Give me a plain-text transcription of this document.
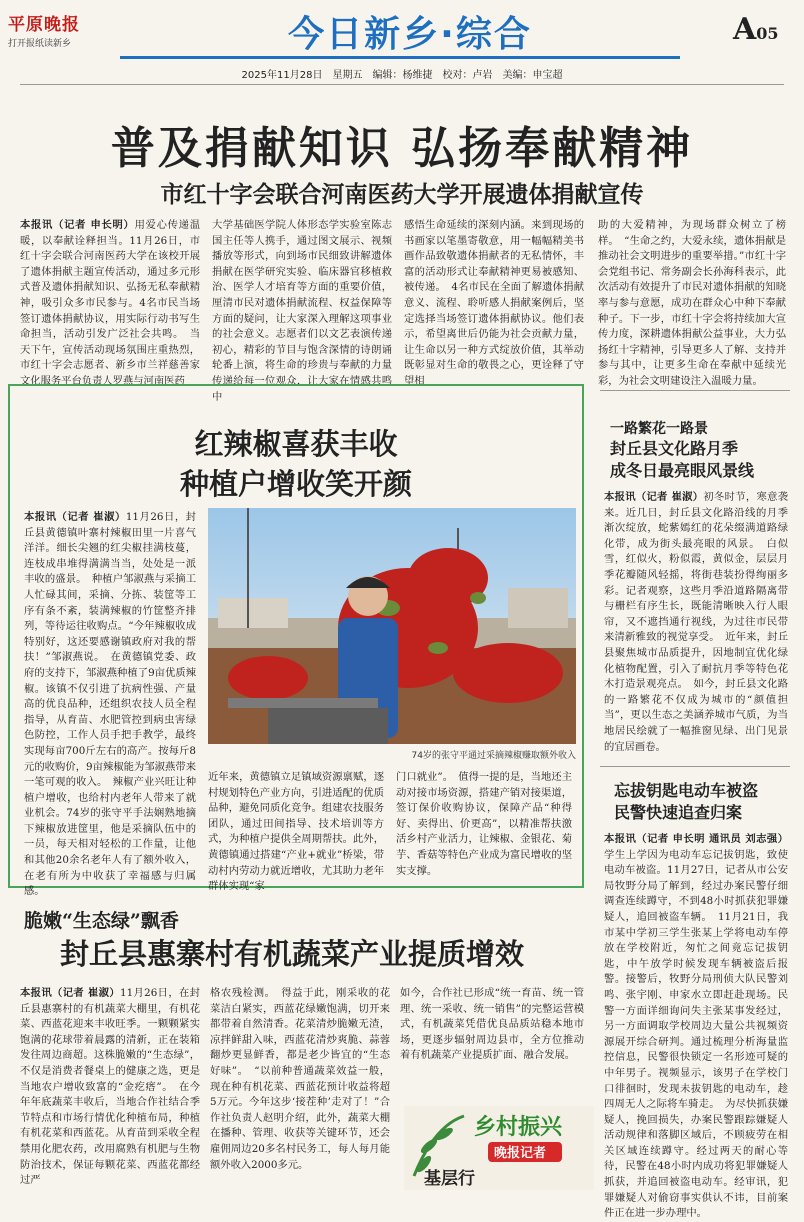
平原晚报
打开报纸读新乡	今日新乡·综合	A05
2025年11月28日　星期五　编辑：杨维捷　校对：卢岩　美编：申宝超
普及捐献知识 弘扬奉献精神
市红十字会联合河南医药大学开展遗体捐献宣传
本报讯（记者 申长明）用爱心传递温暖，以奉献诠释担当。11月26日，市红十字会联合河南医药大学在该校开展了遗体捐献主题宣传活动，通过多元形式普及遗体捐献知识、弘扬无私奉献精神，吸引众多市民参与。4名市民当场签订遗体捐献协议，用实际行动书写生命担当，活动引发广泛社会共鸣。　当天下午，宣传活动现场氛围庄重热烈，市红十字会志愿者、新乡市兰祥慈善家文化服务平台负责人罗燕与河南医药
大学基础医学院人体形态学实验室陈志国主任等人携手，通过图文展示、视频播放等形式，向到场市民细致讲解遗体捐献在医学研究实验、临床器官移植救治、医学人才培育等方面的重要价值，厘清市民对遗体捐献流程、权益保障等方面的疑问，让大家深入理解这项事业的社会意义。志愿者们以文艺表演传递初心，精彩的节目与饱含深情的诗朗诵轮番上演，将生命的珍贵与奉献的力量传递给每一位观众，让大家在情感共鸣中
感悟生命延续的深刻内涵。来到现场的书画家以笔墨寄敬意，用一幅幅精美书画作品致敬遗体捐献者的无私情怀，丰富的活动形式让奉献精神更易被感知、被传递。　4名市民在全面了解遗体捐献意义、流程、聆听感人捐献案例后，坚定选择当场签订遗体捐献协议。他们表示，希望离世后仍能为社会贡献力量，让生命以另一种方式绽放价值，其举动既彰显对生命的敬畏之心，更诠释了守望相
助的大爱精神，为现场群众树立了榜样。　“生命之约，大爱永续，遗体捐献是推动社会文明进步的重要举措。”市红十字会党组书记、常务副会长孙海科表示，此次活动有效提升了市民对遗体捐献的知晓率与参与意愿，成功在群众心中种下奉献种子。下一步，市红十字会将持续加大宣传力度，深耕遗体捐献公益事业，大力弘扬红十字精神，引导更多人了解、支持并参与其中，让更多生命在奉献中延续光彩，为社会文明建设注入温暖力量。
红辣椒喜获丰收
种植户增收笑开颜
本报讯（记者 崔淑）11月26日，封丘县黄德镇叶寨村辣椒田里一片喜气洋洋。细长尖翘的红尖椒挂满枝蔓，连枝成串堆得满满当当，处处是一派丰收的盛景。　种植户邹淑燕与采摘工人忙碌其间，采摘、分拣、装筐等工序有条不紊，装满辣椒的竹筐整齐排列，等待运往收购点。“今年辣椒收成特别好，这还要感谢镇政府对我的帮扶！”邹淑燕说。　在黄德镇党委、政府的支持下，邹淑燕种植了9亩优质辣椒。该镇不仅引进了抗病性强、产量高的优良品种，还组织农技人员全程指导，从育苗、水肥管控到病虫害绿色防控，工作人员手把手教学，最终实现每亩700斤左右的高产。按每斤8元的收购价，9亩辣椒能为邹淑燕带来一笔可观的收入。　辣椒产业兴旺让种植户增收，也给村内老年人带来了就业机会。74岁的张守平手法娴熟地摘下辣椒放进筐里，他是采摘队伍中的一员，每天相对轻松的工作量，让他和其他20余名老年人有了额外收入，在老有所为中收获了幸福感与归属感。
74岁的张守平通过采摘辣椒赚取额外收入
近年来，黄德镇立足镇域资源禀赋，逐村规划特色产业方向，引进适配的优质品种，避免同质化竞争。组建农技服务团队，通过田间指导、技术培训等方式，为种植户提供全周期帮扶。此外，黄德镇通过搭建“产业+就业”桥梁，带动村内劳动力就近增收，尤其助力老年群体实现“家
门口就业”。　值得一提的是，当地还主动对接市场资源，搭建产销对接渠道，签订保价收购协议，保障产品“种得好、卖得出、价更高”，以精准帮扶激活乡村产业活力，让辣椒、金银花、菊芋、香菇等特色产业成为富民增收的坚实支撑。
一路繁花一路景
封丘县文化路月季
成冬日最亮眼风景线
本报讯（记者 崔淑）初冬时节，寒意袭来。近几日，封丘县文化路沿线的月季渐次绽放，蛇紫嫣红的花朵缀满道路绿化带，成为街头最亮眼的风景。　白似雪，红似火，粉似霞，黄似金，层层月季花瓣随风轻摇，将街巷装扮得绚丽多彩。记者观察，这些月季沿道路隔离带与栅栏有序生长，既能清晰映入行人眼帘，又不遮挡通行视线，为过往市民带来清新雅致的视觉享受。　近年来，封丘县聚焦城市品质提升，因地制宜优化绿化植物配置，引入了耐抗月季等特色花木打造景观亮点。　如今，封丘县文化路的一路繁花不仅成为城市的“颜值担当”，更以生态之美涵养城市气质，为当地居民绘就了一幅推窗见绿、出门见景的宜居画卷。
忘拔钥匙电动车被盗
民警快速追查归案
本报讯（记者 申长明 通讯员 刘志强）学生上学因为电动车忘记拔钥匙，致使电动车被盗。11月27日，记者从市公安局牧野分局了解到，经过办案民警仔细调查连续蹲守，不到48小时抓获犯罪嫌疑人，追回被盗车辆。　11月21日，我市某中学初三学生张某上学将电动车停放在学校附近，匆忙之间竟忘记拔钥匙，中午放学时候发现车辆被盗后报警。接警后，牧野分局刑侦大队民警刘鸣、张宇刚、申家水立即赶赴现场。民警一方面详细询问失主张某事发经过，另一方面调取学校周边大量公共视频资源展开综合研判。通过梳理分析海量监控信息，民警很快锁定一名形迹可疑的中年男子。视频显示，该男子在学校门口徘徊时，发现未拔钥匙的电动车，趁四周无人之际将车骑走。　为尽快抓获嫌疑人，挽回损失，办案民警跟踪嫌疑人活动规律和落脚区域后，不顾疲劳在相关区域连续蹲守。经过两天的耐心等待，民警在48小时内成功将犯罪嫌疑人抓获，并追回被盗电动车。经审讯，犯罪嫌疑人对偷窃事实供认不讳，目前案件正在进一步办理中。
脆嫩“生态绿”飘香
封丘县惠寨村有机蔬菜产业提质增效
本报讯（记者 崔淑）11月26日，在封丘县惠寨村的有机蔬菜大棚里，有机花菜、西蓝花迎来丰收旺季。一颗颗紧实饱满的花球带着晨露的清新，正在装箱发往周边商超。这株脆嫩的“生态绿”，不仅是消费者餐桌上的健康之选，更是当地农户增收致富的“金疙瘩”。　在今年年底蔬菜丰收后，当地合作社结合季节特点和市场行情优化种植布局，种植有机花菜和西蓝花。从育苗到采收全程禁用化肥农药，改用腐熟有机肥与生物防治技术，保证每颗花菜、西蓝花都经过严
格农残检测。　得益于此，刚采收的花菜洁白紧实，西蓝花绿嫩饱满，切开来都带着自然清香。花菜清炒脆嫩无渣，凉拌鲜甜入味，西蓝花清炒爽脆、蒜蓉翻炒更显鲜香，都是老少皆宜的“生态好味”。　“以前种普通蔬菜效益一般，现在种有机花菜、西蓝花预计收益将超5万元。今年这步‘接茬种’走对了！”合作社负责人赵明介绍，此外，蔬菜大棚在播种、管理、收获等关键环节，还会雇佣周边20多名村民务工，每人每月能额外收入2000多元。
如今，合作社已形成“统一育苗、统一管理、统一采收、统一销售”的完整运营模式，有机蔬菜凭借优良品质站稳本地市场，更逐步辐射周边县市，全方位推动着有机蔬菜产业提质扩面、融合发展。
乡村振兴
晚报记者
基层行
